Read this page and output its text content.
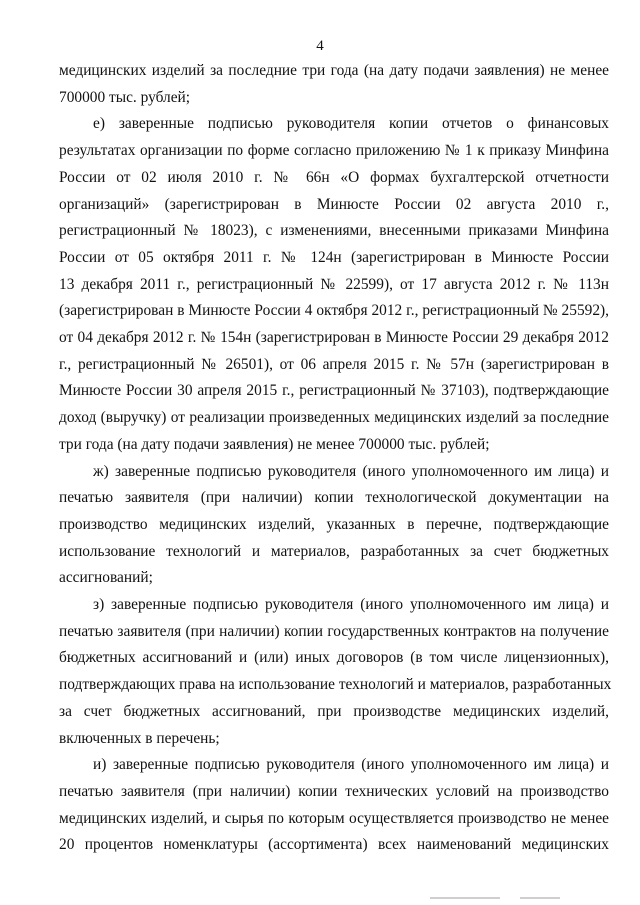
4
медицинских изделий за последние три года (на дату подачи заявления) не менее
700000 тыс. рублей;
е) заверенные подписью руководителя копии отчетов о финансовых
результатах организации по форме согласно приложению № 1 к приказу Минфина
России от 02 июля 2010 г. № 66н «О формах бухгалтерской отчетности
организаций» (зарегистрирован в Минюсте России 02 августа 2010 г.,
регистрационный № 18023), с изменениями, внесенными приказами Минфина
России от 05 октября 2011 г. № 124н (зарегистрирован в Минюсте России
13 декабря 2011 г., регистрационный № 22599), от 17 августа 2012 г. № 113н
(зарегистрирован в Минюсте России 4 октября 2012 г., регистрационный № 25592),
от 04 декабря 2012 г. № 154н (зарегистрирован в Минюсте России 29 декабря 2012
г., регистрационный № 26501), от 06 апреля 2015 г. № 57н (зарегистрирован в
Минюсте России 30 апреля 2015 г., регистрационный № 37103), подтверждающие
доход (выручку) от реализации произведенных медицинских изделий за последние
три года (на дату подачи заявления) не менее 700000 тыс. рублей;
ж) заверенные подписью руководителя (иного уполномоченного им лица) и
печатью заявителя (при наличии) копии технологической документации на
производство медицинских изделий, указанных в перечне, подтверждающие
использование технологий и материалов, разработанных за счет бюджетных
ассигнований;
з) заверенные подписью руководителя (иного уполномоченного им лица) и
печатью заявителя (при наличии) копии государственных контрактов на получение
бюджетных ассигнований и (или) иных договоров (в том числе лицензионных),
подтверждающих права на использование технологий и материалов, разработанных
за счет бюджетных ассигнований, при производстве медицинских изделий,
включенных в перечень;
и) заверенные подписью руководителя (иного уполномоченного им лица) и
печатью заявителя (при наличии) копии технических условий на производство
медицинских изделий, и сырья по которым осуществляется производство не менее
20 процентов номенклатуры (ассортимента) всех наименований медицинских
